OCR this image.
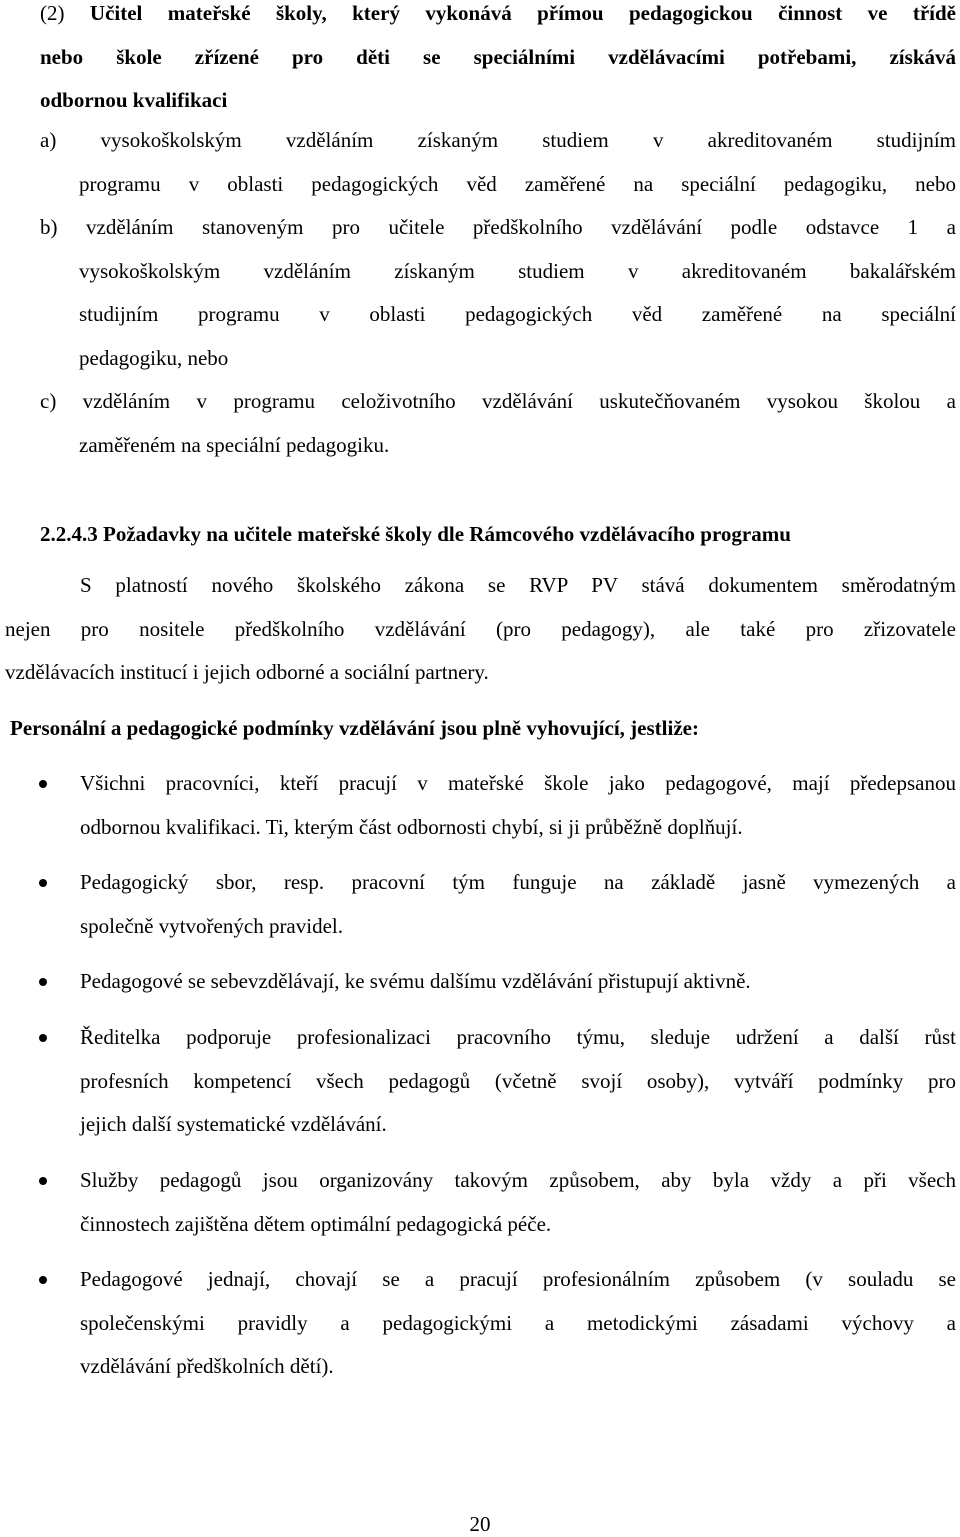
(2) Učitel mateřské školy, který vykonává přímou pedagogickou činnost ve třídě
nebo škole zřízené pro děti se speciálními vzdělávacími potřebami, získává
odbornou kvalifikaci
a) vysokoškolským vzděláním získaným studiem v akreditovaném studijním
programu v oblasti pedagogických věd zaměřené na speciální pedagogiku, nebo
b) vzděláním stanoveným pro učitele předškolního vzdělávání podle odstavce 1 a
vysokoškolským vzděláním získaným studiem v akreditovaném bakalářském
studijním programu v oblasti pedagogických věd zaměřené na speciální
pedagogiku, nebo
c) vzděláním v programu celoživotního vzdělávání uskutečňovaném vysokou školou a
zaměřeném na speciální pedagogiku.
2.2.4.3 Požadavky na učitele mateřské školy dle Rámcového vzdělávacího programu
S platností nového školského zákona se RVP PV stává dokumentem směrodatným
nejen pro nositele předškolního vzdělávání (pro pedagogy), ale také pro zřizovatele
vzdělávacích institucí i jejich odborné a sociální partnery.
Personální a pedagogické podmínky vzdělávání jsou plně vyhovující, jestliže:
Všichni pracovníci, kteří pracují v mateřské škole jako pedagogové, mají předepsanou
odbornou kvalifikaci. Ti, kterým část odbornosti chybí, si ji průběžně doplňují.
Pedagogický sbor, resp. pracovní tým funguje na základě jasně vymezených a
společně vytvořených pravidel.
Pedagogové se sebevzdělávají, ke svému dalšímu vzdělávání přistupují aktivně.
Ředitelka podporuje profesionalizaci pracovního týmu, sleduje udržení a další růst
profesních kompetencí všech pedagogů (včetně svojí osoby), vytváří podmínky pro
jejich další systematické vzdělávání.
Služby pedagogů jsou organizovány takovým způsobem, aby byla vždy a při všech
činnostech zajištěna dětem optimální pedagogická péče.
Pedagogové jednají, chovají se a pracují profesionálním způsobem (v souladu se
společenskými pravidly a pedagogickými a metodickými zásadami výchovy a
vzdělávání předškolních dětí).
20
